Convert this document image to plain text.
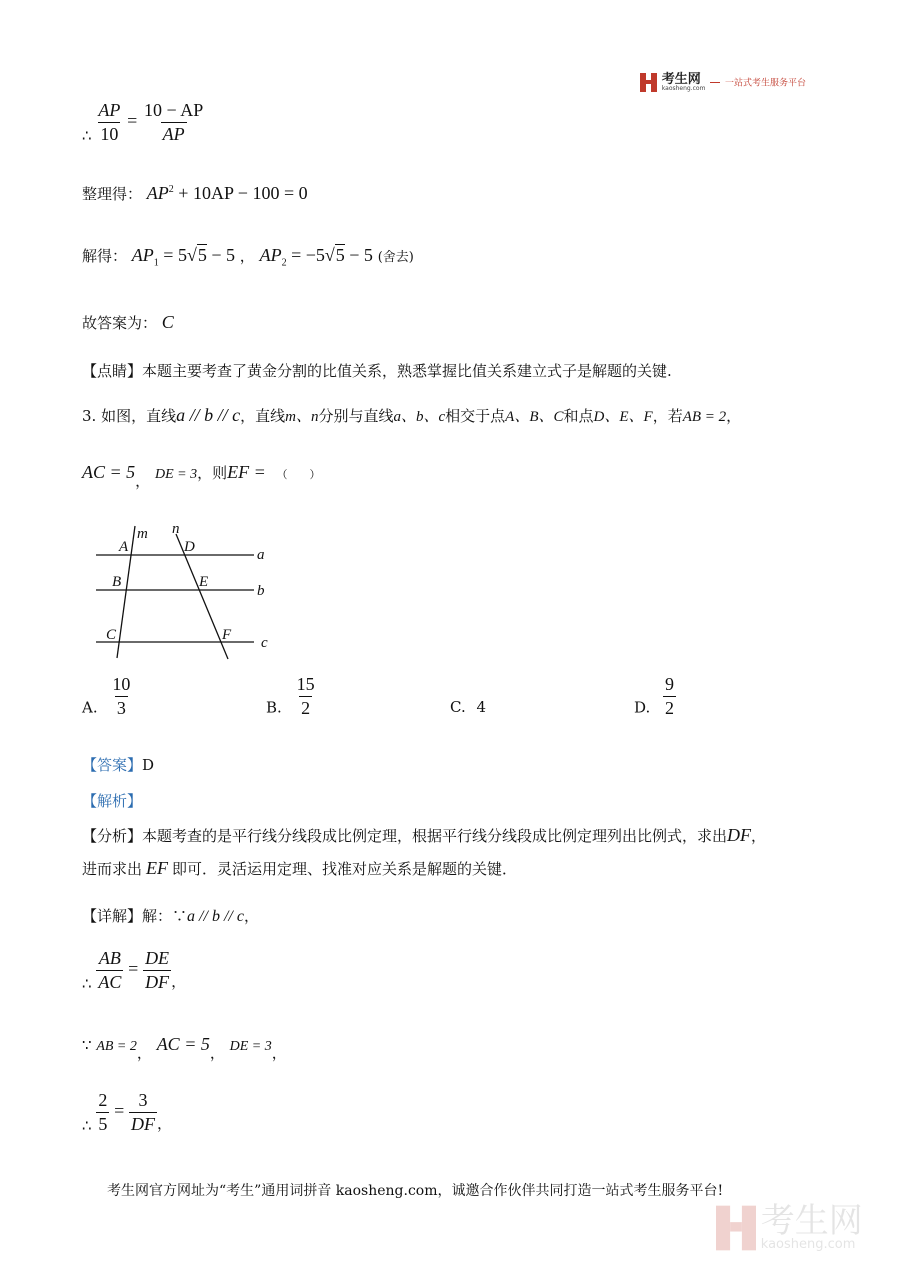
考生网
kaosheng.com 一站式考生服务平台
∴ $\frac{AP}{10} = \frac{10 - AP}{AP}$
整理得： $AP^2 + 10AP - 100 = 0$
解得： $AP_1 = 5√5 - 5$ ， $AP_2 = -5√5 - 5$ (舍去)
故答案为： C
【点睛】本题主要考查了黄金分割的比值关系，熟悉掌握比值关系建立式子是解题的关键.
3. 如图，直线a // b // c，直线m、n分别与直线a、b、c相交于点A、B、C和点D、E、F，若AB = 2，
AC = 5， DE = 3，则EF = （　　）
a
b
c
m n
A
B
C
D
E
F
A. $\frac{10}{3}$	B. $\frac{15}{2}$	C. 4	D. $\frac{9}{2}$
【答案】D
【解析】
【分析】本题考查的是平行线分线段成比例定理，根据平行线分线段成比例定理列出比例式，求出DF，
进而求出 EF 即可．灵活运用定理、找准对应关系是解题的关键．
【详解】解：∵a // b // c，
∴ $\frac{AB}{AC} = \frac{DE}{DF}$ ，
∵ AB = 2， AC = 5， DE = 3，
∴ $\frac{2}{5} = \frac{3}{DF}$ ，
考生网官方网址为“考生”通用词拼音 kaosheng.com，诚邀合作伙伴共同打造一站式考生服务平台!

考生网
kaosheng.com
